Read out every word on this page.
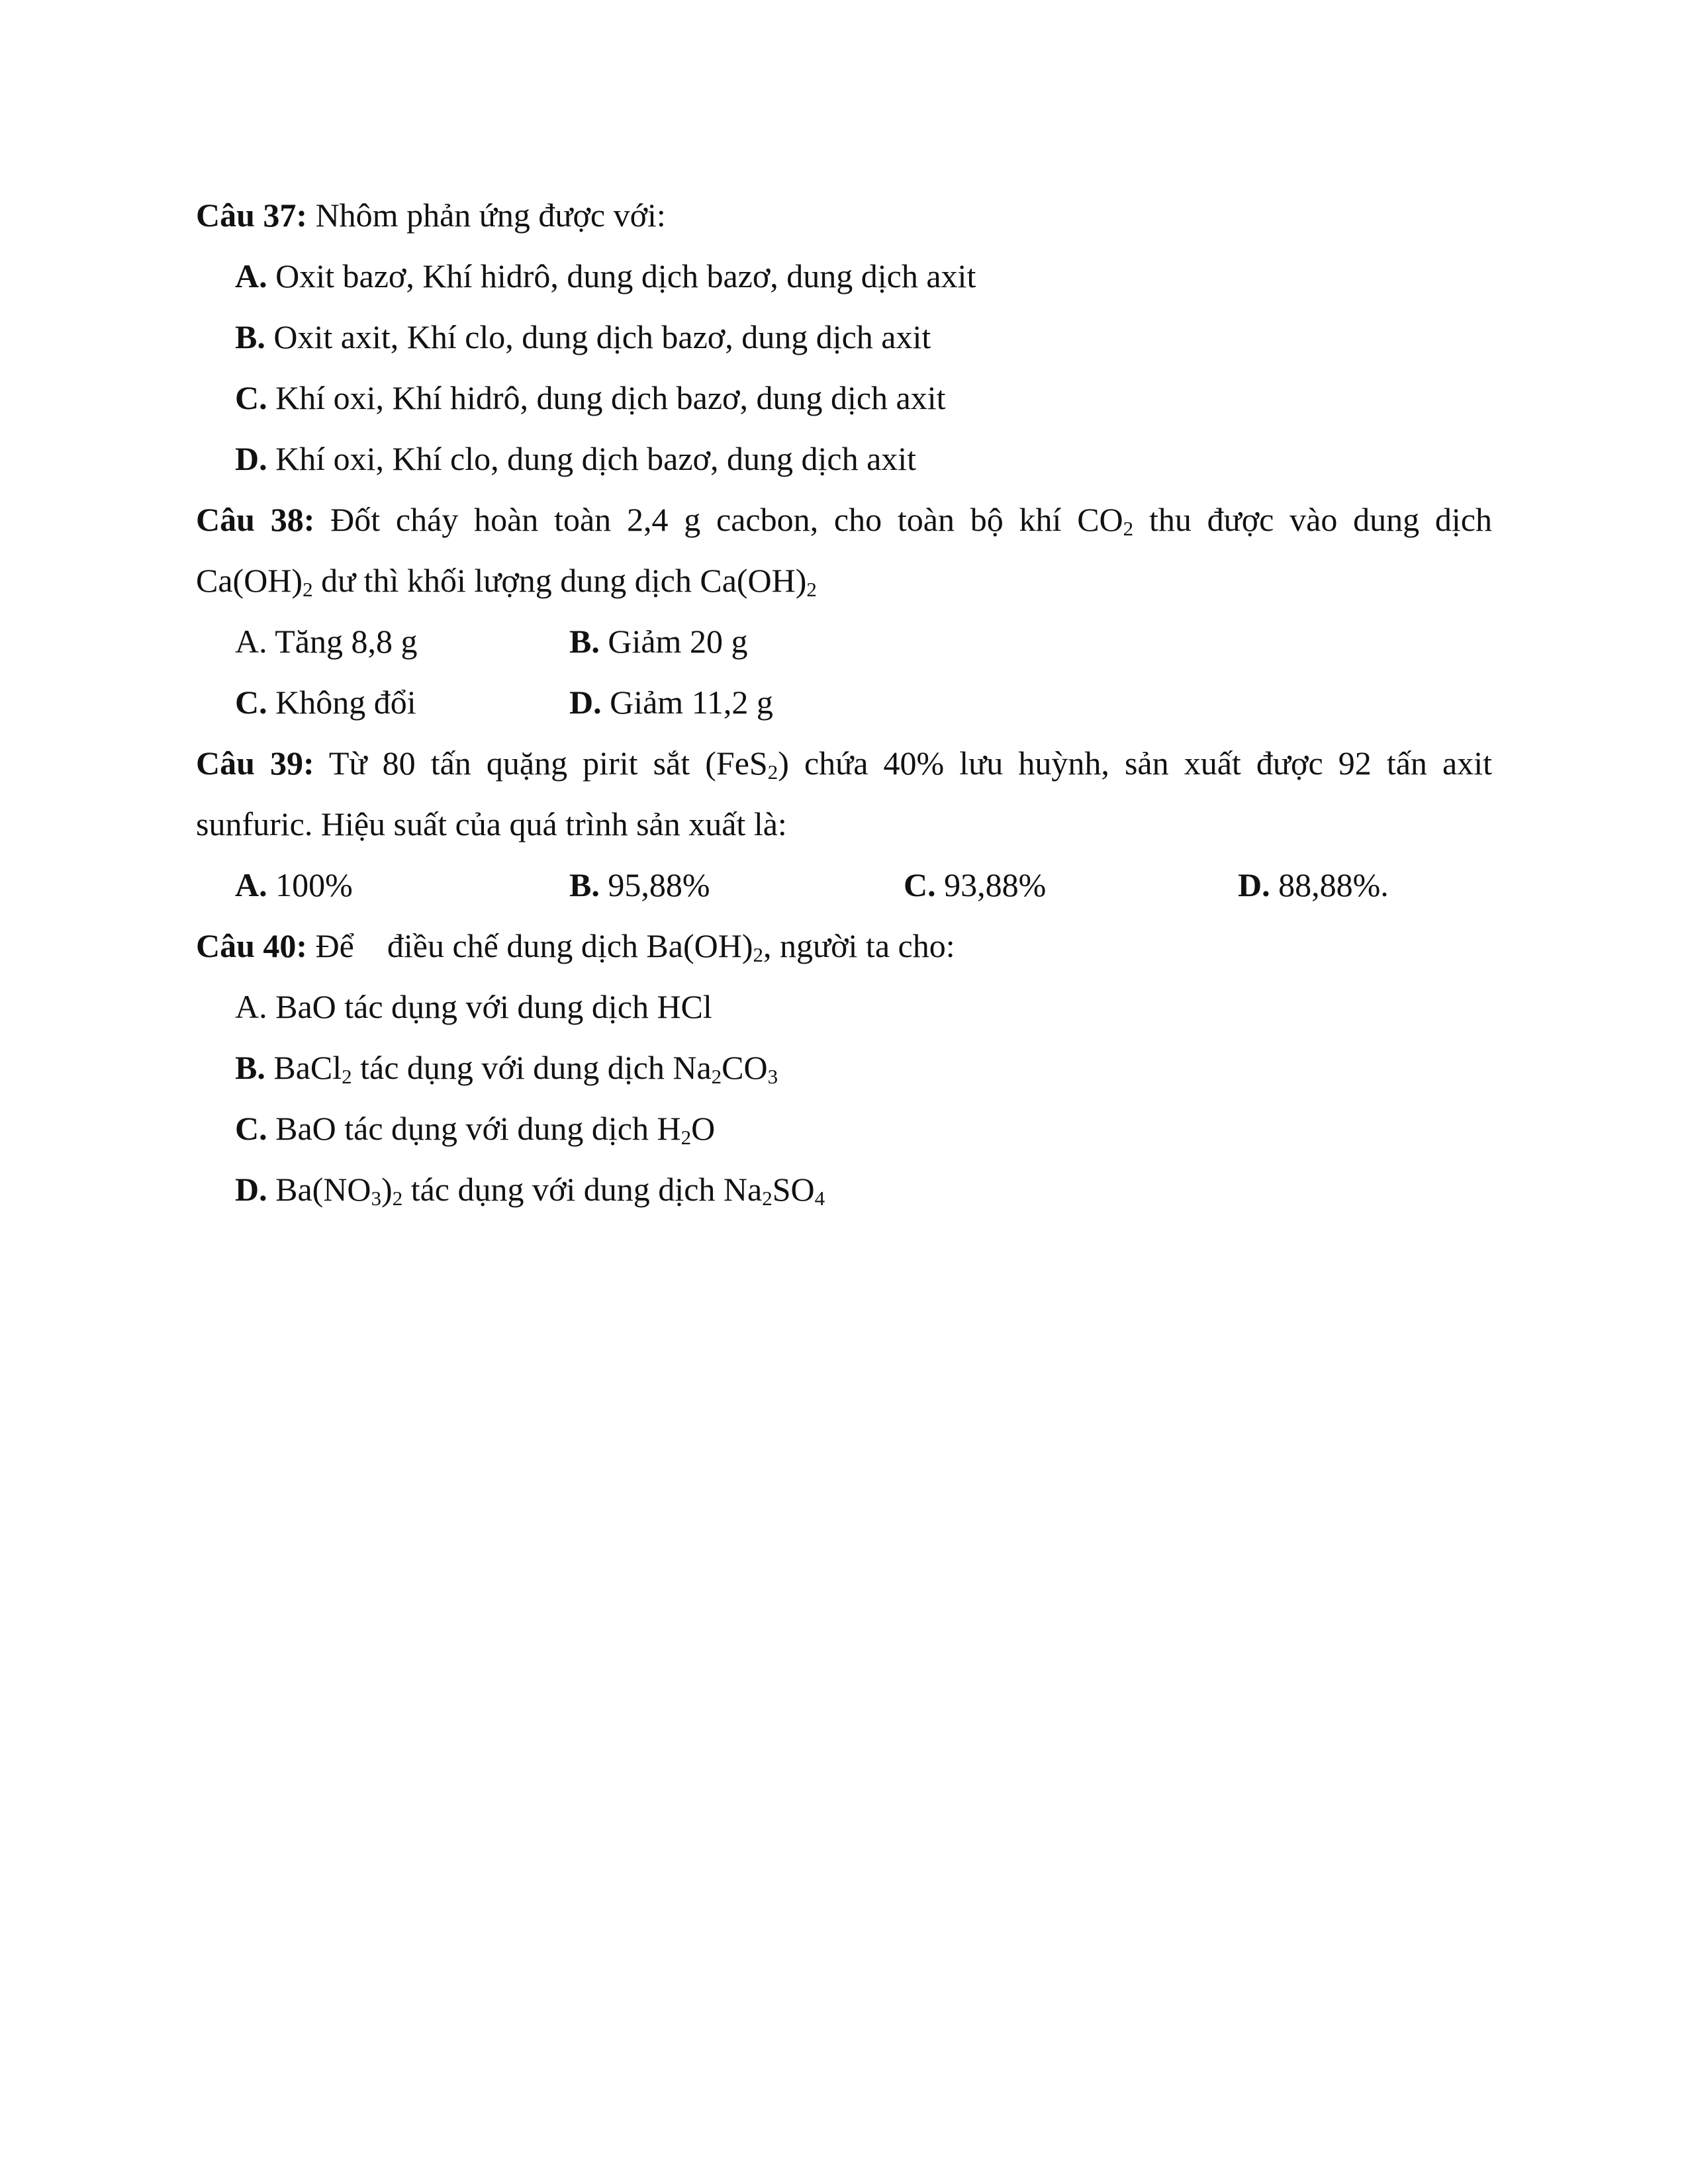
Câu 37: Nhôm phản ứng được với:
A. Oxit bazơ, Khí hidrô, dung dịch bazơ, dung dịch axit
B. Oxit axit, Khí clo, dung dịch bazơ, dung dịch axit
C. Khí oxi, Khí hidrô, dung dịch bazơ, dung dịch axit
D. Khí oxi, Khí clo, dung dịch bazơ, dung dịch axit
Câu 38: Đốt cháy hoàn toàn 2,4 g cacbon, cho toàn bộ khí $CO_2$ thu được vào dung dịch
$Ca(OH)_2$ dư thì khối lượng dung dịch $Ca(OH)_2$
A. Tăng 8,8 g	B. Giảm 20 g
C. Không đổi	D. Giảm 11,2 g
Câu 39: Từ 80 tấn quặng pirit sắt (FeS$_2$) chứa 40% lưu huỳnh, sản xuất được 92 tấn axit
sunfuric. Hiệu suất của quá trình sản xuất là:
A. 100%	B. 95,88%	C. 93,88%	D. 88,88%.
Câu 40: Để    điều chế dung dịch $Ba(OH)_2$, người ta cho:
A. BaO tác dụng với dung dịch HCl
B. BaCl$_2$ tác dụng với dung dịch $Na_2CO_3$
C. BaO tác dụng với dung dịch $H_2O$
D. $Ba(NO_3)_2$ tác dụng với dung dịch $Na_2SO_4$
